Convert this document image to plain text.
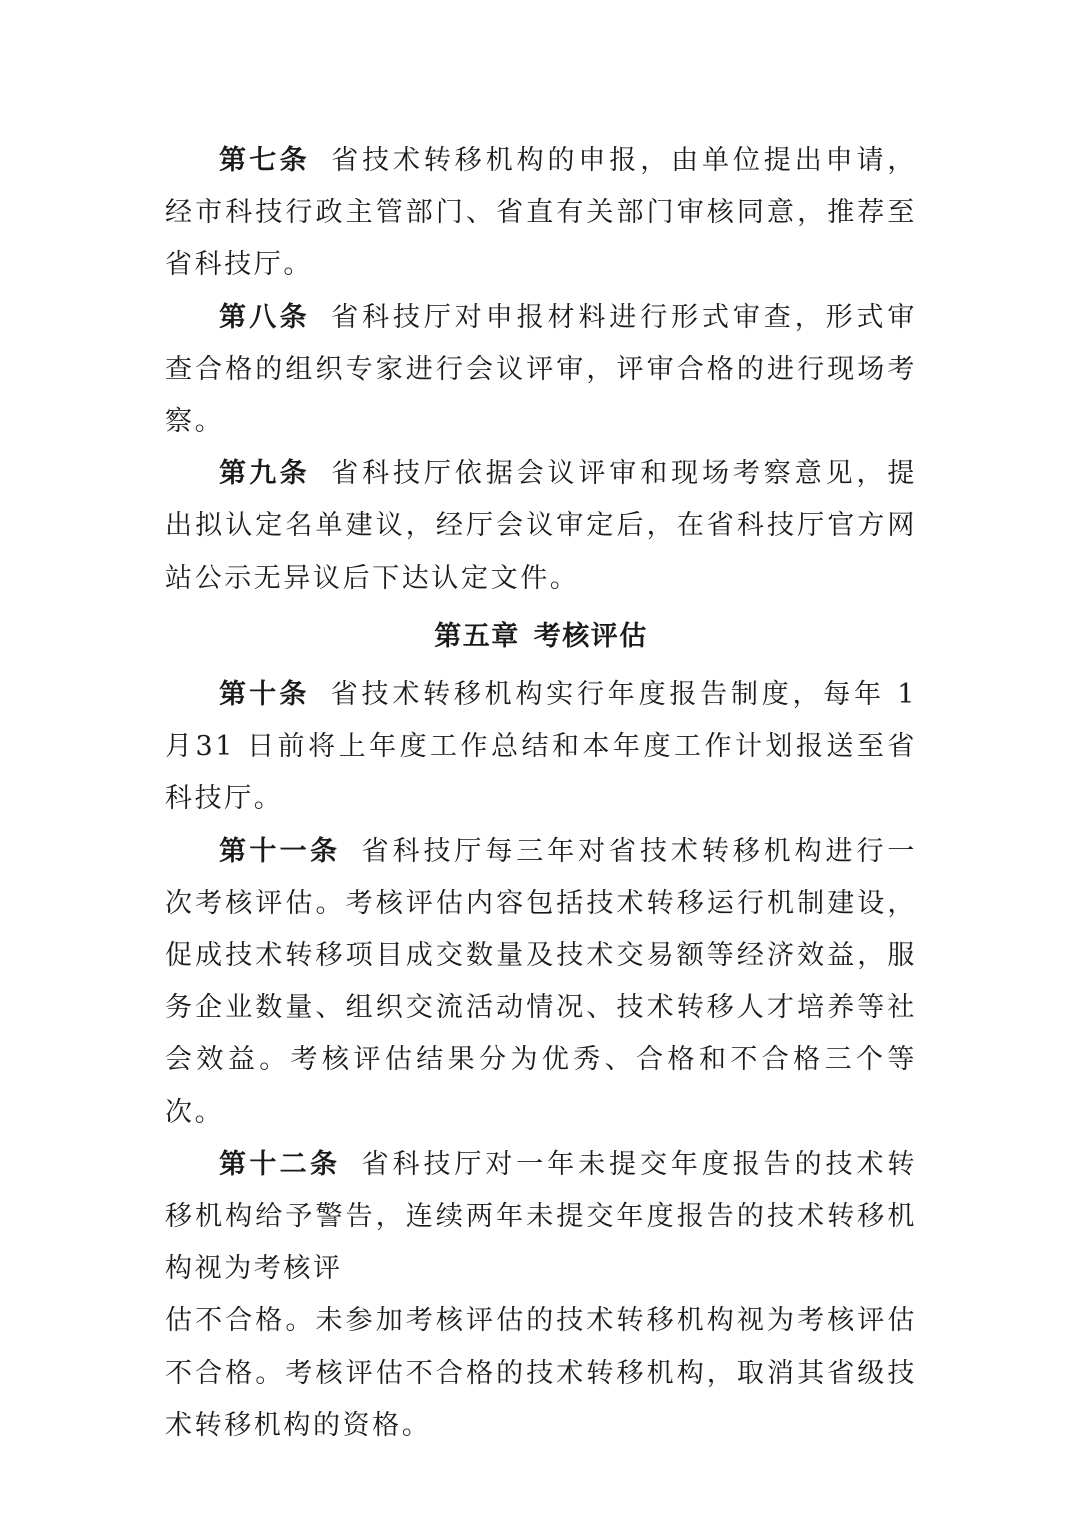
第七条 省技术转移机构的申报，由单位提出申请，经市科技行政主管部门、省直有关部门审核同意，推荐至省科技厅。

第八条 省科技厅对申报材料进行形式审查，形式审查合格的组织专家进行会议评审，评审合格的进行现场考察。

第九条 省科技厅依据会议评审和现场考察意见，提出拟认定名单建议，经厅会议审定后，在省科技厅官方网站公示无异议后下达认定文件。

第五章 考核评估

第十条 省技术转移机构实行年度报告制度，每年 1 月31 日前将上年度工作总结和本年度工作计划报送至省科技厅。

第十一条 省科技厅每三年对省技术转移机构进行一次考核评估。考核评估内容包括技术转移运行机制建设，促成技术转移项目成交数量及技术交易额等经济效益，服务企业数量、组织交流活动情况、技术转移人才培养等社会效益。考核评估结果分为优秀、合格和不合格三个等次。

第十二条 省科技厅对一年未提交年度报告的技术转移机构给予警告，连续两年未提交年度报告的技术转移机构视为考核评

估不合格。未参加考核评估的技术转移机构视为考核评估不合格。考核评估不合格的技术转移机构，取消其省级技术转移机构的资格。
